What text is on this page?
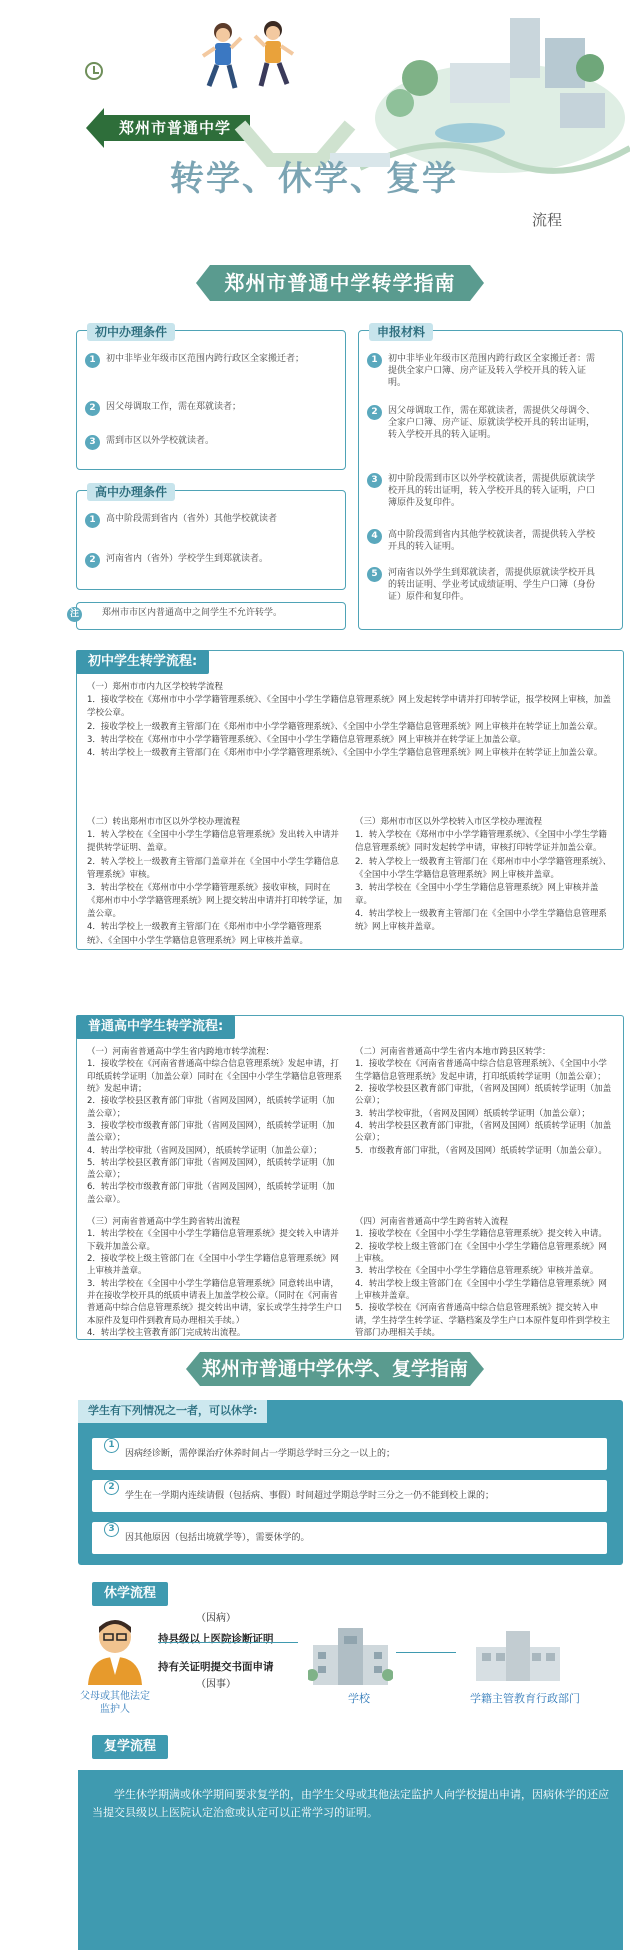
郑州市普通中学
转学、休学、复学
流程
郑州市普通中学转学指南
初中办理条件
1 初中非毕业年级市区范围内跨行政区全家搬迁者；
2 因父母调取工作，需在郑就读者；
3 需到市区以外学校就读者。
高中办理条件
1 高中阶段需到省内（省外）其他学校就读者
2 河南省内（省外）学校学生到郑就读者。
注	郑州市市区内普通高中之间学生不允许转学。
申报材料
1 初中非毕业年级市区范围内跨行政区全家搬迁者：需提供全家户口簿、房产证及转入学校开具的转入证明。
2 因父母调取工作，需在郑就读者，需提供父母调令、全家户口簿、房产证、原就读学校开具的转出证明，转入学校开具的转入证明。
3 初中阶段需到市区以外学校就读者，需提供原就读学校开具的转出证明，转入学校开具的转入证明，户口簿原件及复印件。
4 高中阶段需到省内其他学校就读者，需提供转入学校开具的转入证明。
5 河南省以外学生到郑就读者，需提供原就读学校开具的转出证明、学业考试成绩证明、学生户口簿（身份证）原件和复印件。
初中学生转学流程:

（一）郑州市市内九区学校转学流程

1．接收学校在《郑州市中小学学籍管理系统》、《全国中小学生学籍信息管理系统》网上发起转学申请并打印转学证，报学校网上审核，加盖学校公章。

2．接收学校上一级教育主管部门在《郑州市中小学学籍管理系统》、《全国中小学生学籍信息管理系统》网上审核并在转学证上加盖公章。

3．转出学校在《郑州市中小学学籍管理系统》、《全国中小学生学籍信息管理系统》网上审核并在转学证上加盖公章。

4．转出学校上一级教育主管部门在《郑州市中小学学籍管理系统》、《全国中小学生学籍信息管理系统》网上审核并在转学证上加盖公章。

（二）转出郑州市市区以外学校办理流程

1．转入学校在《全国中小学生学籍信息管理系统》发出转入申请并提供转学证明、盖章。

2．转入学校上一级教育主管部门盖章并在《全国中小学生学籍信息管理系统》审核。

3．转出学校在《郑州市中小学学籍管理系统》接收审核，同时在《郑州市中小学学籍管理系统》网上提交转出申请并打印转学证，加盖公章。

4．转出学校上一级教育主管部门在《郑州市中小学学籍管理系统》、《全国中小学生学籍信息管理系统》网上审核并盖章。

（三）郑州市市区以外学校转入市区学校办理流程

1．转入学校在《郑州市中小学学籍管理系统》、《全国中小学生学籍信息管理系统》同时发起转学申请，审核打印转学证并加盖公章。

2．转入学校上一级教育主管部门在《郑州市中小学学籍管理系统》、《全国中小学生学籍信息管理系统》网上审核并盖章。

3．转出学校在《全国中小学生学籍信息管理系统》网上审核并盖章。

4．转出学校上一级教育主管部门在《全国中小学生学籍信息管理系统》网上审核并盖章。

普通高中学生转学流程:

（一）河南省普通高中学生省内跨地市转学流程：

1．接收学校在《河南省普通高中综合信息管理系统》发起申请，打印纸质转学证明（加盖公章）同时在《全国中小学生学籍信息管理系统》发起申请；

2．接收学校县区教育部门审批（省网及国网），纸质转学证明（加盖公章）；

3．接收学校市级教育部门审批（省网及国网），纸质转学证明（加盖公章）；

4．转出学校审批（省网及国网），纸质转学证明（加盖公章）；

5．转出学校县区教育部门审批（省网及国网），纸质转学证明（加盖公章）；

6．转出学校市级教育部门审批（省网及国网），纸质转学证明（加盖公章）。

（二）河南省普通高中学生省内本地市跨县区转学：

1．接收学校在《河南省普通高中综合信息管理系统》、《全国中小学生学籍信息管理系统》发起申请，打印纸质转学证明（加盖公章）；

2．接收学校县区教育部门审批，（省网及国网）纸质转学证明（加盖公章）；

3．转出学校审批，（省网及国网）纸质转学证明（加盖公章）；

4．转出学校县区教育部门审批，（省网及国网）纸质转学证明（加盖公章）；

5．市级教育部门审批，（省网及国网）纸质转学证明（加盖公章）。

（三）河南省普通高中学生跨省转出流程

1．转出学校在《全国中小学生学籍信息管理系统》提交转入申请并下载并加盖公章。

2．接收学校上级主管部门在《全国中小学生学籍信息管理系统》网上审核并盖章。

3．转出学校在《全国中小学生学籍信息管理系统》同意转出申请，并在接收学校开具的纸质申请表上加盖学校公章。（同时在《河南省普通高中综合信息管理系统》提交转出申请，家长或学生持学生户口本原件及复印件到教育局办理相关手续。）

4．转出学校主管教育部门完成转出流程。

（四）河南省普通高中学生跨省转入流程

1．接收学校在《全国中小学生学籍信息管理系统》提交转入申请。

2．接收学校上级主管部门在《全国中小学生学籍信息管理系统》网上审核。

3．转出学校在《全国中小学生学籍信息管理系统》审核并盖章。

4．转出学校上级主管部门在《全国中小学生学籍信息管理系统》网上审核并盖章。

5．接收学校在《河南省普通高中综合信息管理系统》提交转入申请，学生持学生转学证、学籍档案及学生户口本原件复印件到学校主管部门办理相关手续。

郑州市普通中学休学、复学指南
学生有下列情况之一者，可以休学:
1因病经诊断，需停课治疗休养时间占一学期总学时三分之一以上的；
2学生在一学期内连续请假（包括病、事假）时间超过学期总学时三分之一仍不能到校上课的；
3因其他原因（包括出境就学等），需要休学的。
休学流程
父母或其他法定监护人
（因病）
持县级以上医院诊断证明
持有关证明提交书面申请
（因事）
学校	学籍主管教育行政部门
复学流程
学生休学期满或休学期间要求复学的，由学生父母或其他法定监护人向学校提出申请，因病休学的还应当提交县级以上医院认定治愈或认定可以正常学习的证明。
